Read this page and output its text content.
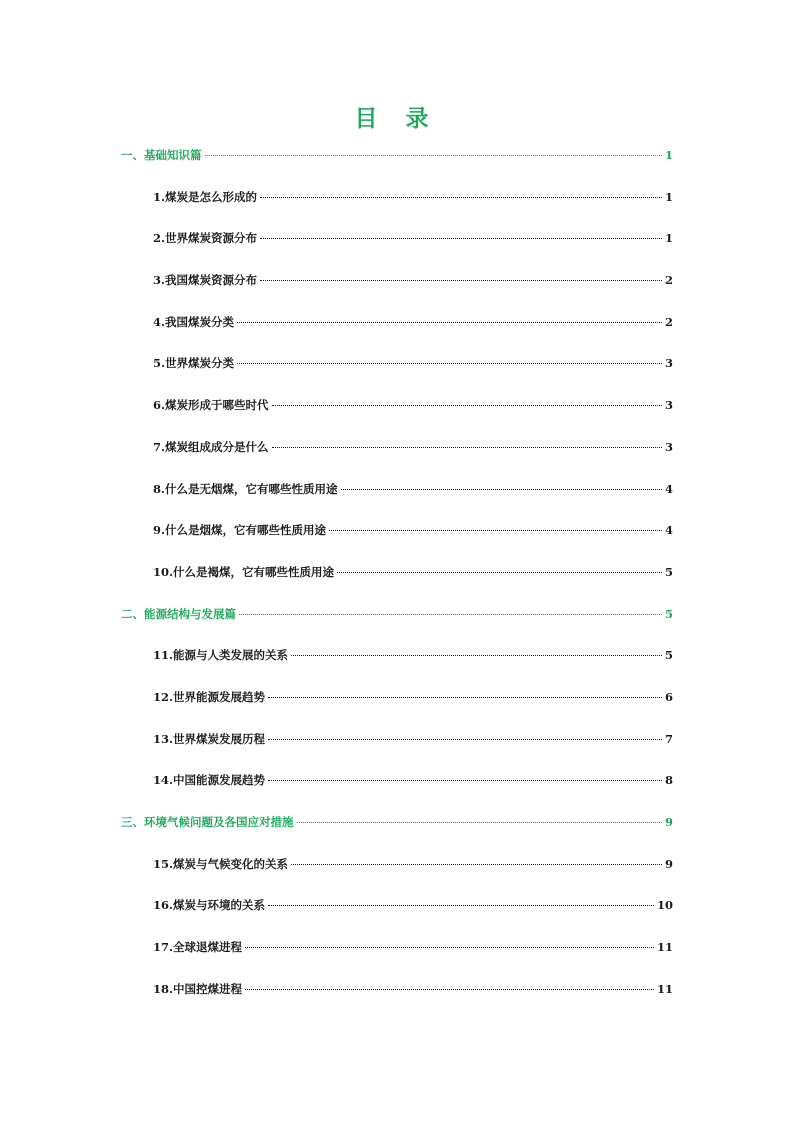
目 录
一、基础知识篇	1
1.煤炭是怎么形成的	1
2.世界煤炭资源分布	1
3.我国煤炭资源分布	2
4.我国煤炭分类	2
5.世界煤炭分类	3
6.煤炭形成于哪些时代	3
7.煤炭组成成分是什么	3
8.什么是无烟煤，它有哪些性质用途	4
9.什么是烟煤，它有哪些性质用途	4
10.什么是褐煤，它有哪些性质用途	5
二、能源结构与发展篇	5
11.能源与人类发展的关系	5
12.世界能源发展趋势	6
13.世界煤炭发展历程	7
14.中国能源发展趋势	8
三、环境气候问题及各国应对措施	9
15.煤炭与气候变化的关系	9
16.煤炭与环境的关系	10
17.全球退煤进程	11
18.中国控煤进程	11
